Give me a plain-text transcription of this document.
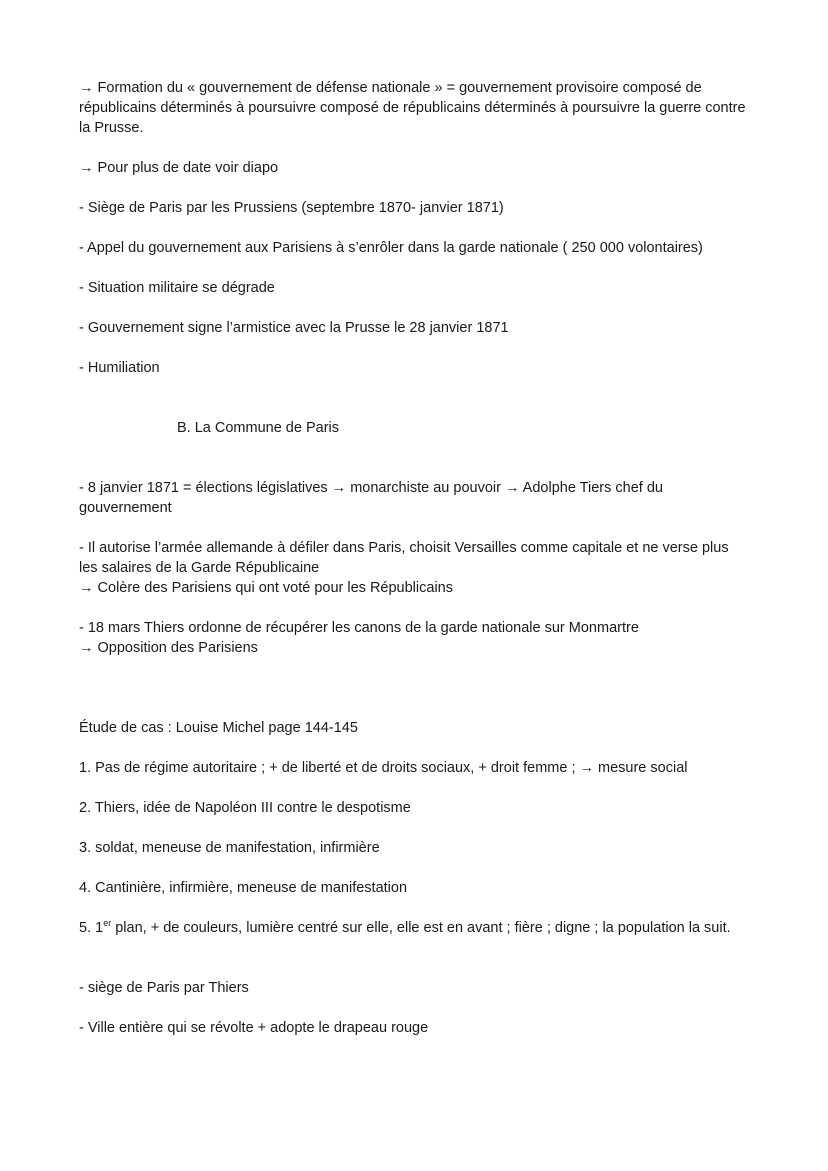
→ Formation du « gouvernement de défense nationale » = gouvernement provisoire composé de républicains déterminés à poursuivre composé de républicains déterminés à poursuivre la guerre contre la Prusse.

→ Pour plus de date voir diapo

- Siège de Paris par les Prussiens (septembre 1870- janvier 1871)

- Appel du gouvernement aux Parisiens à s’enrôler dans la garde nationale ( 250 000 volontaires)

- Situation militaire se dégrade

- Gouvernement signe l’armistice avec la Prusse le 28 janvier 1871

- Humiliation

B. La Commune de Paris

- 8 janvier 1871 = élections législatives → monarchiste au pouvoir → Adolphe Tiers chef du gouvernement

- Il autorise l’armée allemande à défiler dans Paris, choisit Versailles comme capitale et ne verse plus les salaires de la Garde Républicaine

→ Colère des Parisiens qui ont voté pour les Républicains

- 18 mars Thiers ordonne de récupérer les canons de la garde nationale sur Monmartre

→ Opposition des Parisiens

Étude de cas : Louise Michel page 144-145

1. Pas de régime autoritaire ; + de liberté et de droits sociaux, + droit femme ; → mesure social

2. Thiers, idée de Napoléon III contre le despotisme

3. soldat, meneuse de manifestation, infirmière

4. Cantinière, infirmière, meneuse de manifestation

5. 1er plan, + de couleurs, lumière centré sur elle, elle est en avant ; fière ; digne ; la population la suit.

- siège de Paris par Thiers

- Ville entière qui se révolte + adopte le drapeau rouge
